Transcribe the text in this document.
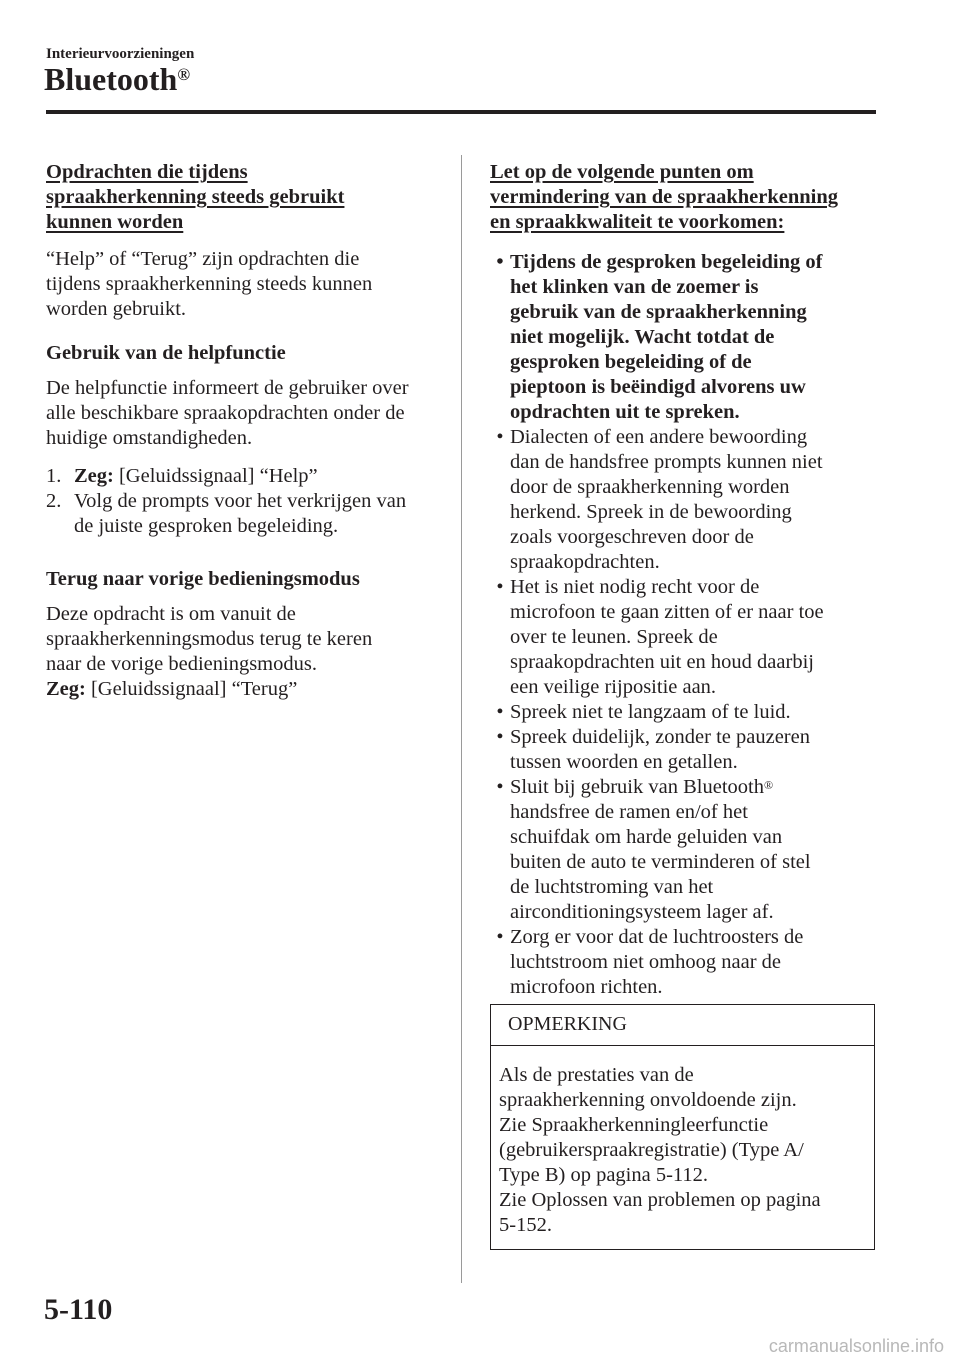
Interieurvoorzieningen
Bluetooth®
Opdrachten die tijdens
spraakherkenning steeds gebruikt
kunnen worden

“Help” of “Terug” zijn opdrachten die tijdens spraakherkenning steeds kunnen worden gebruikt.

Gebruik van de helpfunctie

De helpfunctie informeert de gebruiker over alle beschikbare spraakopdrachten onder de huidige omstandigheden.

1. Zeg: [Geluidssignaal] “Help”
2. Volg de prompts voor het verkrijgen van de juiste gesproken begeleiding.

Terug naar vorige bedieningsmodus

Deze opdracht is om vanuit de spraakherkenningsmodus terug te keren naar de vorige bedieningsmodus.

Zeg: [Geluidssignaal] “Terug”

Let op de volgende punten om
vermindering van de spraakherkenning
en spraakkwaliteit te voorkomen:
• Tijdens de gesproken begeleiding of het klinken van de zoemer is gebruik van de spraakherkenning niet mogelijk. Wacht totdat de gesproken begeleiding of de pieptoon is beëindigd alvorens uw opdrachten uit te spreken.
• Dialecten of een andere bewoording dan de handsfree prompts kunnen niet door de spraakherkenning worden herkend. Spreek in de bewoording zoals voorgeschreven door de spraakopdrachten.
• Het is niet nodig recht voor de microfoon te gaan zitten of er naar toe over te leunen. Spreek de spraakopdrachten uit en houd daarbij een veilige rijpositie aan.
• Spreek niet te langzaam of te luid.
• Spreek duidelijk, zonder te pauzeren tussen woorden en getallen.
• Sluit bij gebruik van Bluetooth® handsfree de ramen en/of het schuifdak om harde geluiden van buiten de auto te verminderen of stel de luchtstroming van het airconditioningsysteem lager af.
• Zorg er voor dat de luchtroosters de luchtstroom niet omhoog naar de microfoon richten.
OPMERKING
Als de prestaties van de
spraakherkenning onvoldoende zijn.
Zie Spraakherkenningleerfunctie
(gebruikerspraakregistratie) (Type A/
Type B) op pagina 5-112.
Zie Oplossen van problemen op pagina
5-152.
5-110
carmanualsonline.info
